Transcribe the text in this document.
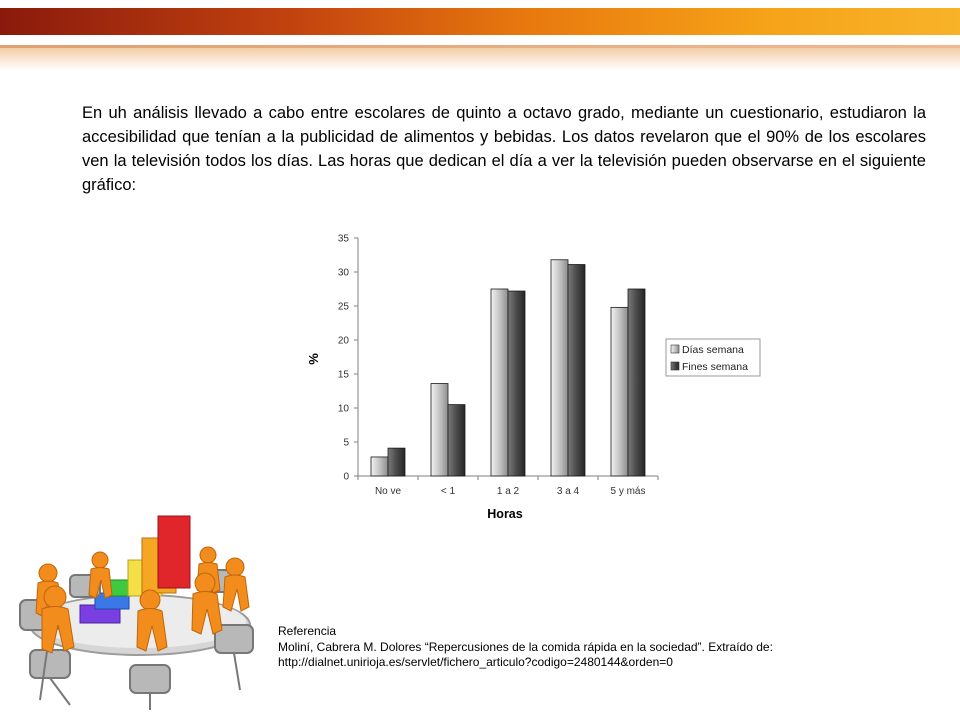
En uh análisis llevado a cabo entre escolares de quinto a octavo grado, mediante un cuestionario, estudiaron la accesibilidad que tenían a la publicidad de alimentos y bebidas. Los datos revelaron que el 90% de los escolares ven la televisión todos los días. Las horas que dedican el día a ver la televisión pueden observarse en el siguiente gráfico:

0
5
10
15
20
25
30
35
No ve	< 1	1 a 2	3 a 4	5 y más
%
Horas
Días semana
Fines semana
Referencia
Moliní, Cabrera M. Dolores “Repercusiones de la comida rápida en la sociedad”. Extraído de:
http://dialnet.unirioja.es/servlet/fichero_articulo?codigo=2480144&orden=0
